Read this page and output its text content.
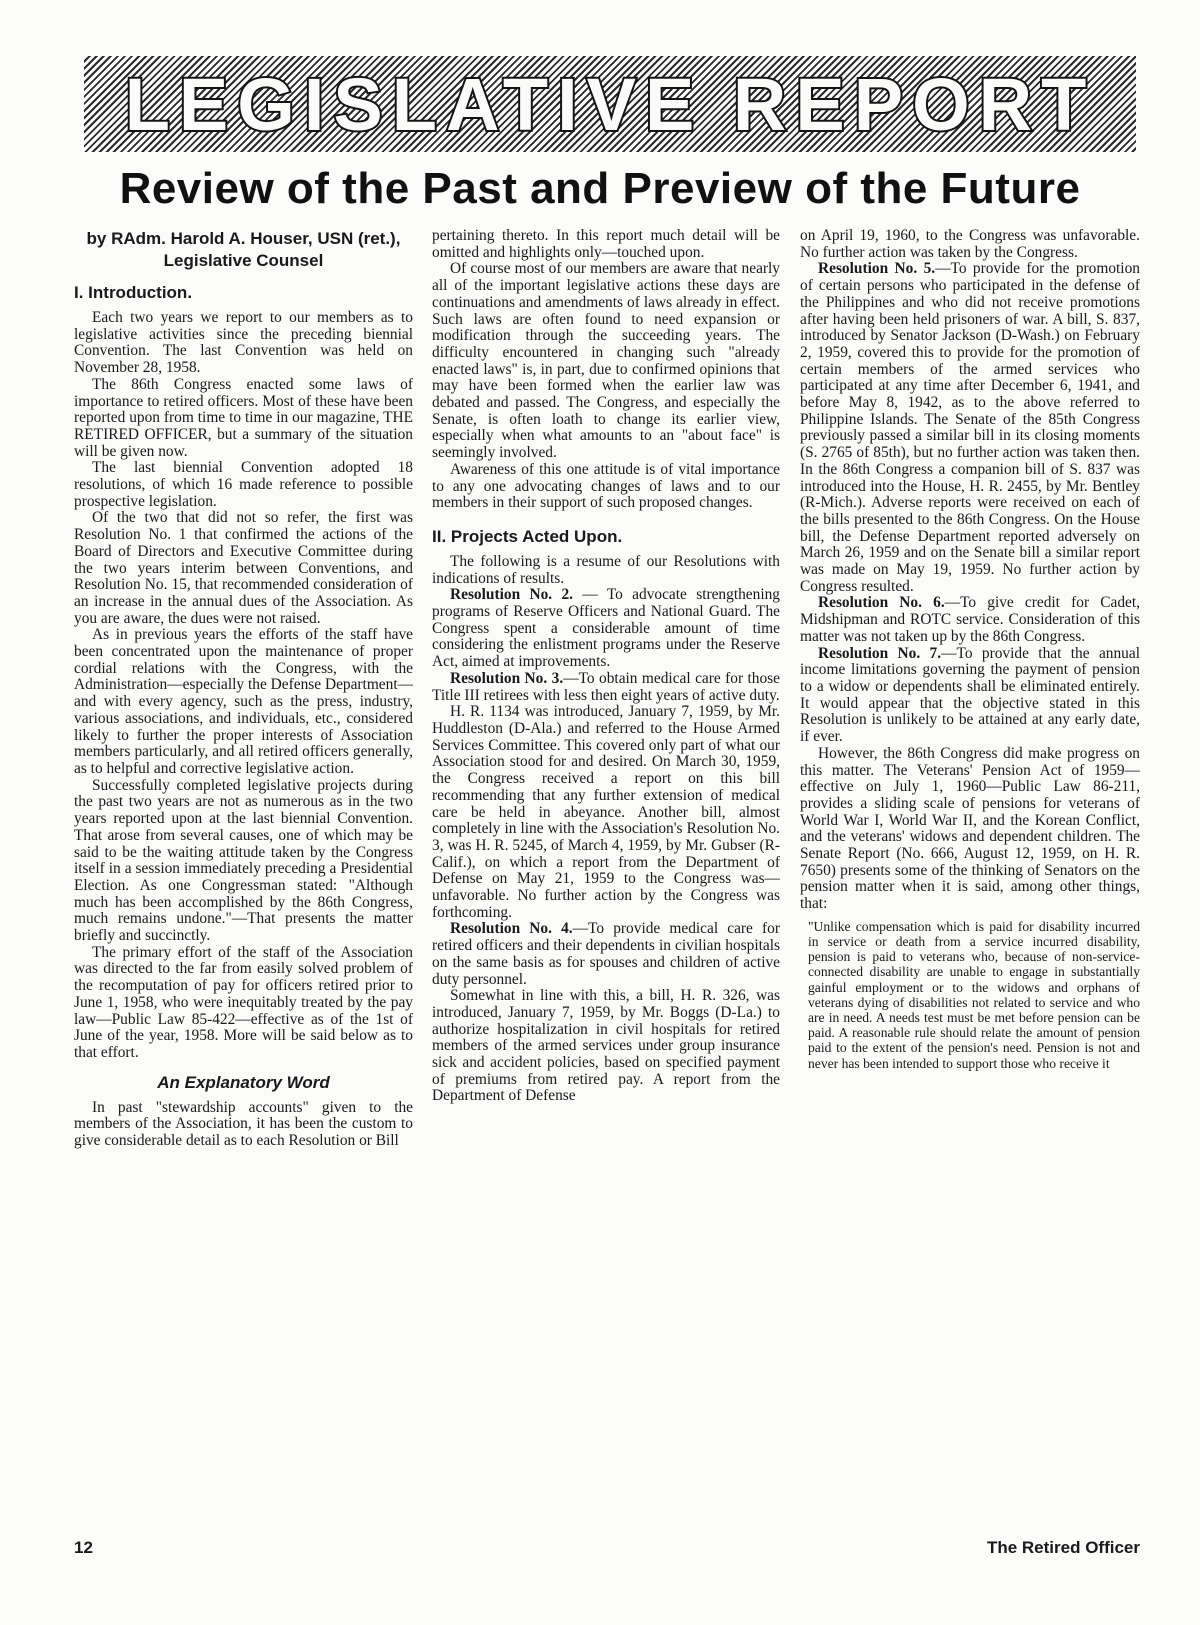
LEGISLATIVE REPORT
Review of the Past and Preview of the Future
by RAdm. Harold A. Houser, USN (ret.), Legislative Counsel
I. Introduction.

Each two years we report to our members as to legislative activities since the preceding biennial Convention. The last Convention was held on November 28, 1958.

The 86th Congress enacted some laws of importance to retired officers. Most of these have been reported upon from time to time in our magazine, THE RETIRED OFFICER, but a summary of the situation will be given now.

The last biennial Convention adopted 18 resolutions, of which 16 made reference to possible prospective legislation.

Of the two that did not so refer, the first was Resolution No. 1 that confirmed the actions of the Board of Directors and Executive Committee during the two years interim between Conventions, and Resolution No. 15, that recommended consideration of an increase in the annual dues of the Association. As you are aware, the dues were not raised.

As in previous years the efforts of the staff have been concentrated upon the maintenance of proper cordial relations with the Congress, with the Administration—especially the Defense Department—and with every agency, such as the press, industry, various associations, and individuals, etc., considered likely to further the proper interests of Association members particularly, and all retired officers generally, as to helpful and corrective legislative action.

Successfully completed legislative projects during the past two years are not as numerous as in the two years reported upon at the last biennial Convention. That arose from several causes, one of which may be said to be the waiting attitude taken by the Congress itself in a session immediately preceding a Presidential Election. As one Congressman stated: "Although much has been accomplished by the 86th Congress, much remains undone."—That presents the matter briefly and succinctly.

The primary effort of the staff of the Association was directed to the far from easily solved problem of the recomputation of pay for officers retired prior to June 1, 1958, who were inequitably treated by the pay law—Public Law 85-422—effective as of the 1st of June of the year, 1958. More will be said below as to that effort.

An Explanatory Word

In past "stewardship accounts" given to the members of the Association, it has been the custom to give considerable detail as to each Resolution or Bill

pertaining thereto. In this report much detail will be omitted and highlights only—touched upon.

Of course most of our members are aware that nearly all of the important legislative actions these days are continuations and amendments of laws already in effect. Such laws are often found to need expansion or modification through the succeeding years. The difficulty encountered in changing such "already enacted laws" is, in part, due to confirmed opinions that may have been formed when the earlier law was debated and passed. The Congress, and especially the Senate, is often loath to change its earlier view, especially when what amounts to an "about face" is seemingly involved.

Awareness of this one attitude is of vital importance to any one advocating changes of laws and to our members in their support of such proposed changes.

II. Projects Acted Upon.

The following is a resume of our Resolutions with indications of results.

Resolution No. 2. — To advocate strengthening programs of Reserve Officers and National Guard. The Congress spent a considerable amount of time considering the enlistment programs under the Reserve Act, aimed at improvements.

Resolution No. 3.—To obtain medical care for those Title III retirees with less then eight years of active duty.

H. R. 1134 was introduced, January 7, 1959, by Mr. Huddleston (D-Ala.) and referred to the House Armed Services Committee. This covered only part of what our Association stood for and desired. On March 30, 1959, the Congress received a report on this bill recommending that any further extension of medical care be held in abeyance. Another bill, almost completely in line with the Association's Resolution No. 3, was H. R. 5245, of March 4, 1959, by Mr. Gubser (R-Calif.), on which a report from the Department of Defense on May 21, 1959 to the Congress was—unfavorable. No further action by the Congress was forthcoming.

Resolution No. 4.—To provide medical care for retired officers and their dependents in civilian hospitals on the same basis as for spouses and children of active duty personnel.

Somewhat in line with this, a bill, H. R. 326, was introduced, January 7, 1959, by Mr. Boggs (D-La.) to authorize hospitalization in civil hospitals for retired members of the armed services under group insurance sick and accident policies, based on specified payment of premiums from retired pay. A report from the Department of Defense

on April 19, 1960, to the Congress was unfavorable. No further action was taken by the Congress.

Resolution No. 5.—To provide for the promotion of certain persons who participated in the defense of the Philippines and who did not receive promotions after having been held prisoners of war. A bill, S. 837, introduced by Senator Jackson (D-Wash.) on February 2, 1959, covered this to provide for the promotion of certain members of the armed services who participated at any time after December 6, 1941, and before May 8, 1942, as to the above referred to Philippine Islands. The Senate of the 85th Congress previously passed a similar bill in its closing moments (S. 2765 of 85th), but no further action was taken then. In the 86th Congress a companion bill of S. 837 was introduced into the House, H. R. 2455, by Mr. Bentley (R-Mich.). Adverse reports were received on each of the bills presented to the 86th Congress. On the House bill, the Defense Department reported adversely on March 26, 1959 and on the Senate bill a similar report was made on May 19, 1959. No further action by Congress resulted.

Resolution No. 6.—To give credit for Cadet, Midshipman and ROTC service. Consideration of this matter was not taken up by the 86th Congress.

Resolution No. 7.—To provide that the annual income limitations governing the payment of pension to a widow or dependents shall be eliminated entirely. It would appear that the objective stated in this Resolution is unlikely to be attained at any early date, if ever.

However, the 86th Congress did make progress on this matter. The Veterans' Pension Act of 1959—effective on July 1, 1960—Public Law 86-211, provides a sliding scale of pensions for veterans of World War I, World War II, and the Korean Conflict, and the veterans' widows and dependent children. The Senate Report (No. 666, August 12, 1959, on H. R. 7650) presents some of the thinking of Senators on the pension matter when it is said, among other things, that:

"Unlike compensation which is paid for disability incurred in service or death from a service incurred disability, pension is paid to veterans who, because of non-service-connected disability are unable to engage in substantially gainful employment or to the widows and orphans of veterans dying of disabilities not related to service and who are in need. A needs test must be met before pension can be paid. A reasonable rule should relate the amount of pension paid to the extent of the pension's need. Pension is not and never has been intended to support those who receive it

12	The Retired Officer
